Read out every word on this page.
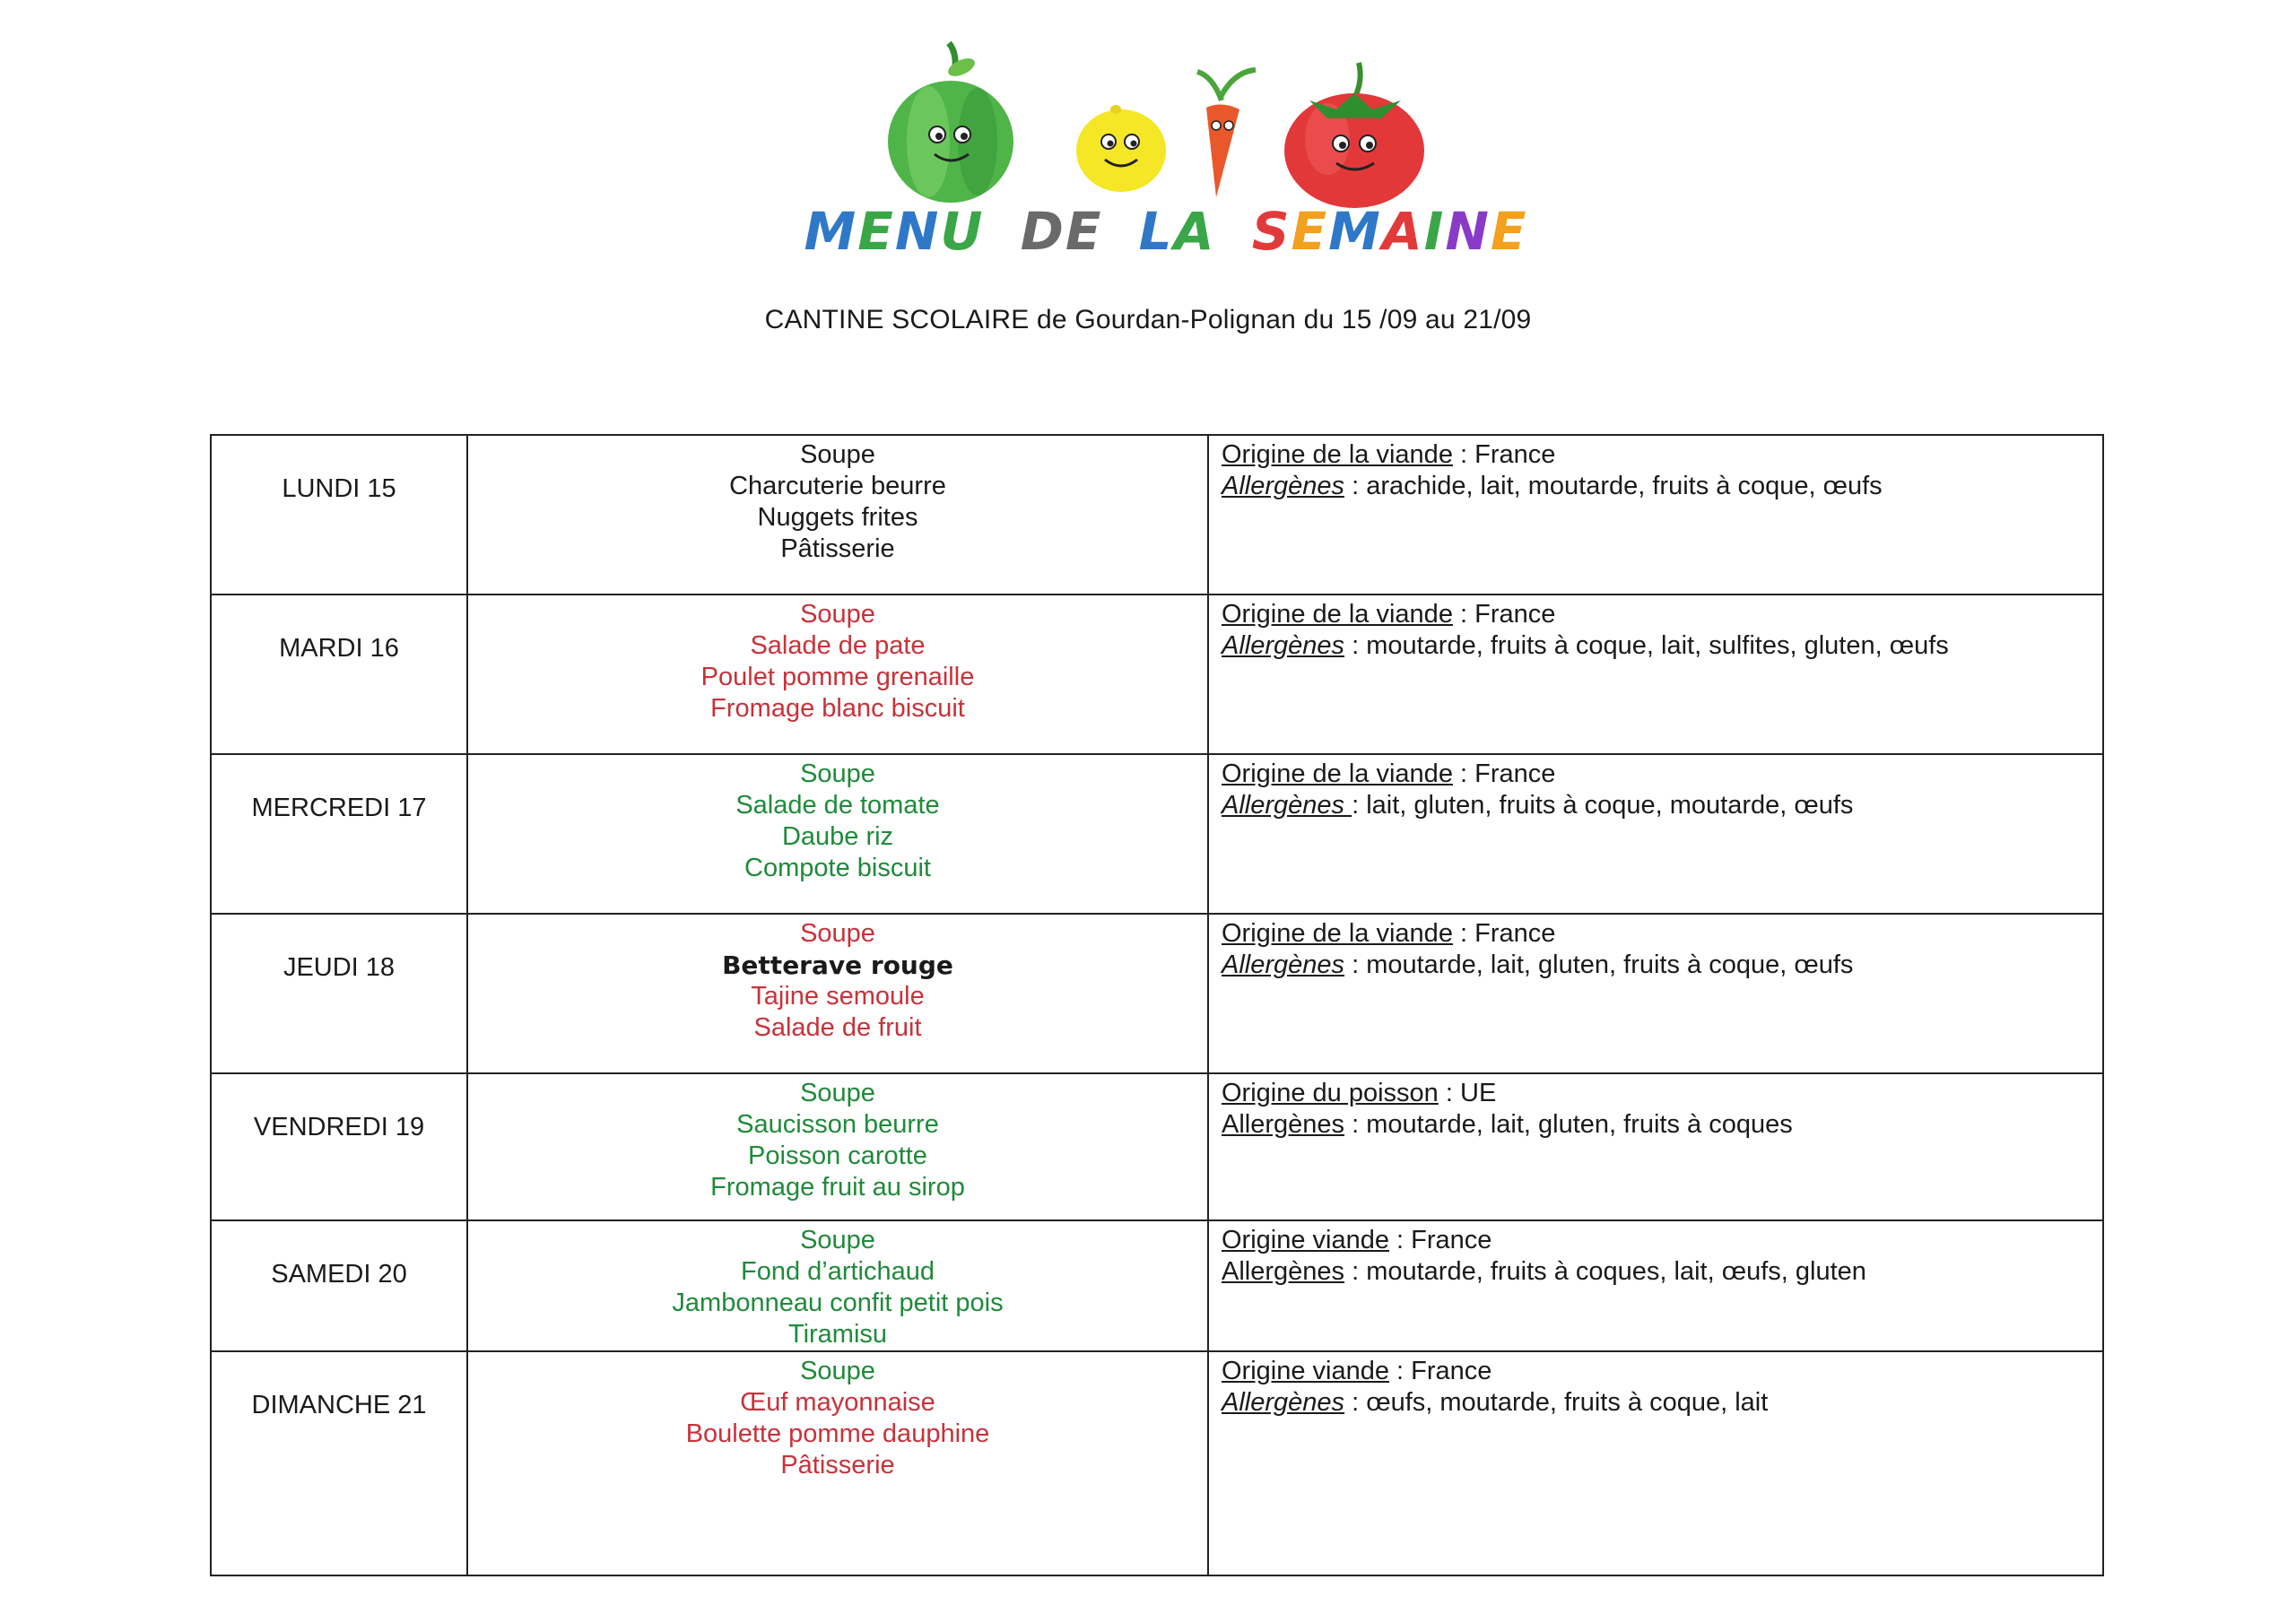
MENU DE LA SEMAINE
CANTINE SCOLAIRE de Gourdan-Polignan du 15 /09 au 21/09
LUNDI 15	Soupe
Charcuterie beurre
Nuggets frites
Pâtisserie	Origine de la viande : France
Allergènes : arachide, lait, moutarde, fruits à coque, œufs

MARDI 16	Soupe
Salade de pate
Poulet pomme grenaille
Fromage blanc biscuit	Origine de la viande : France
Allergènes : moutarde, fruits à coque, lait, sulfites, gluten, œufs

MERCREDI 17	Soupe
Salade de tomate
Daube riz
Compote biscuit	Origine de la viande : France
Allergènes : lait, gluten, fruits à coque, moutarde, œufs

JEUDI 18	Soupe
Betterave rouge
Tajine semoule
Salade de fruit	Origine de la viande : France
Allergènes : moutarde, lait, gluten, fruits à coque, œufs

VENDREDI 19	Soupe
Saucisson beurre
Poisson carotte
Fromage fruit au sirop	Origine du poisson : UE
Allergènes : moutarde, lait, gluten, fruits à coques

SAMEDI 20	Soupe
Fond d’artichaud
Jambonneau confit petit pois
Tiramisu	Origine viande : France
Allergènes : moutarde, fruits à coques, lait, œufs, gluten

DIMANCHE 21	Soupe
Œuf mayonnaise
Boulette pomme dauphine
Pâtisserie	Origine viande : France
Allergènes : œufs, moutarde, fruits à coque, lait
